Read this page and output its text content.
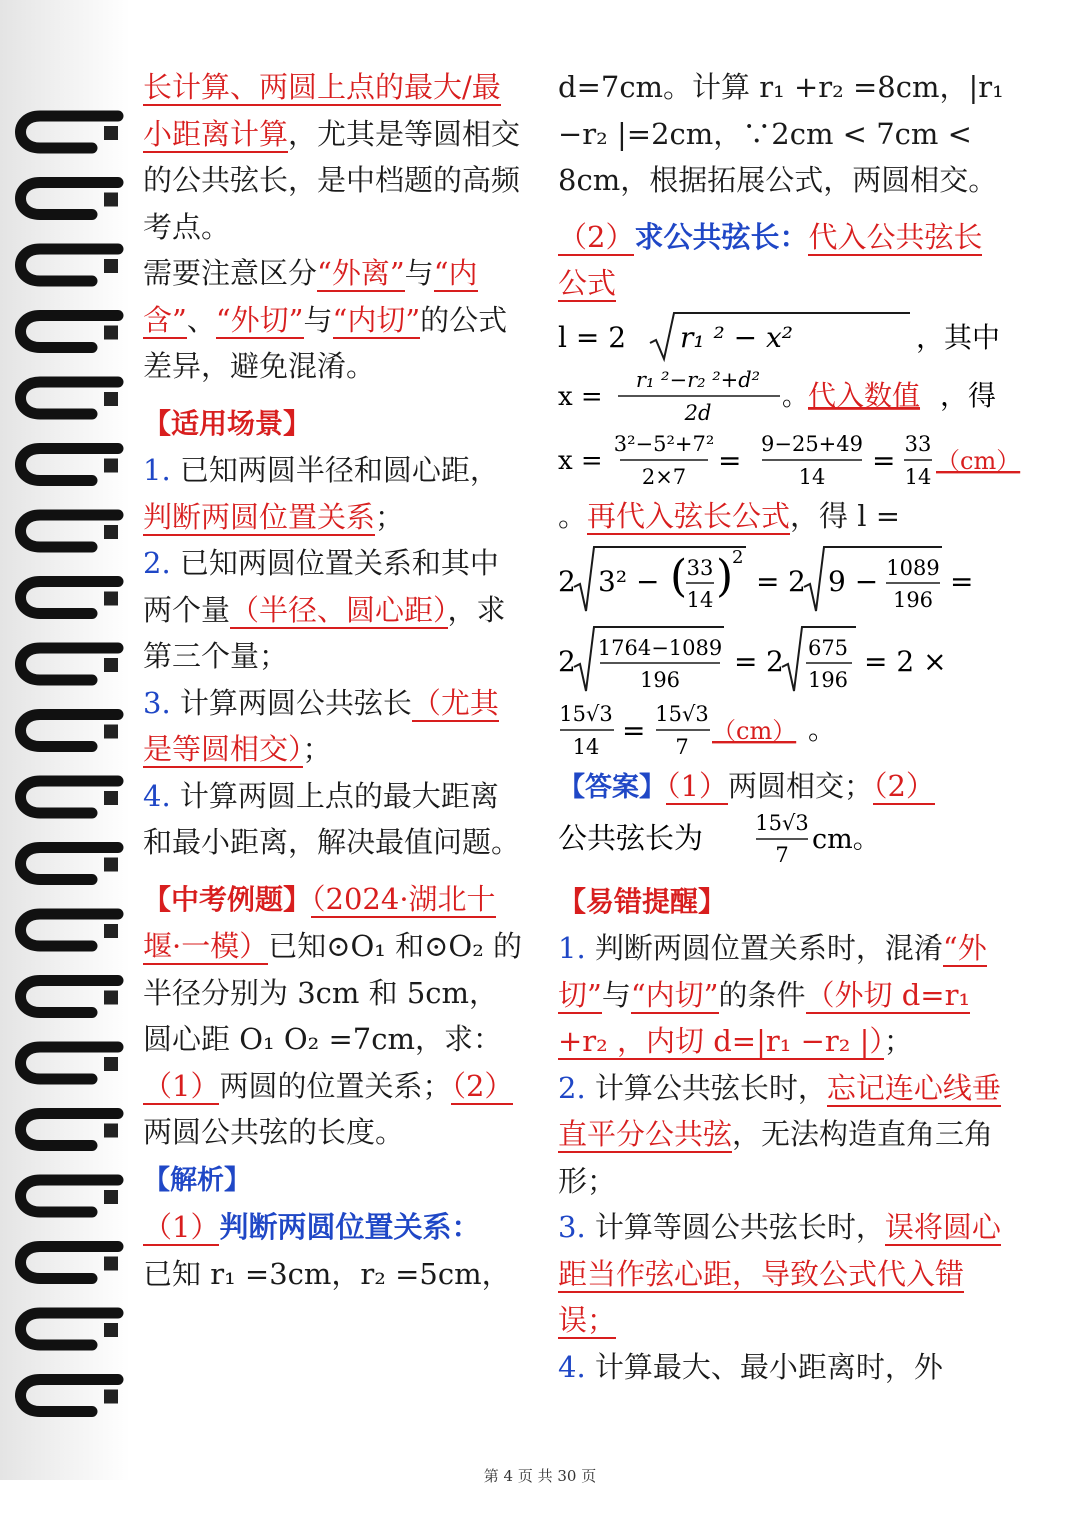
长计算、两圆上点的最大/最小距离计算，尤其是等圆相交的公共弦长，是中档题的高频考点。

需要注意区分“外离”与“内含”、“外切”与“内切”的公式差异，避免混淆。

【适用场景】

1. 已知两圆半径和圆心距，判断两圆位置关系；

2. 已知两圆位置关系和其中两个量（半径、圆心距），求第三个量；

3. 计算两圆公共弦长（尤其是等圆相交）；

4. 计算两圆上点的最大距离和最小距离，解决最值问题。

【中考例题】（2024·湖北十堰·一模）已知⊙O₁ 和⊙O₂ 的半径分别为 3cm 和 5cm，圆心距 O₁ O₂ =7cm，求：（1）两圆的位置关系；（2）两圆公共弦的长度。

【解析】

（1）判断两圆位置关系：

已知 r₁ =3cm，r₂ =5cm，

d=7cm。计算 r₁ +r₂ =8cm，|r₁ −r₂ |=2cm，∵2cm < 7cm < 8cm，根据拓展公式，两圆相交。

（2）求公共弦长：代入公共弦长公式

l = 2 r₁ ² − x²	，其中
x =
r₁ ²−r₂ ²+d²
2d
。 代入数值 ，得
x =
3²−5²+7²
2×7 = 9−25+49
14 = 33
14
（cm）

。再代入弦长公式，得 l =

2 3² − ( 33
14 )
2
= 2 9 − 1089
196
=
2 1764−1089
196
= 2 675
196
= 2 ×
15√3
14 = 15√3
7
（cm） 。

【答案】（1）两圆相交；（2）

公共弦长为 15√3
7 cm。

【易错提醒】

1. 判断两圆位置关系时，混淆“外切”与“内切”的条件（外切 d=r₁ +r₂ ，内切 d=|r₁ −r₂ |）；

2. 计算公共弦长时，忘记连心线垂直平分公共弦，无法构造直角三角形；

3. 计算等圆公共弦长时，误将圆心距当作弦心距，导致公式代入错误；

4. 计算最大、最小距离时，外

第 4 页 共 30 页
